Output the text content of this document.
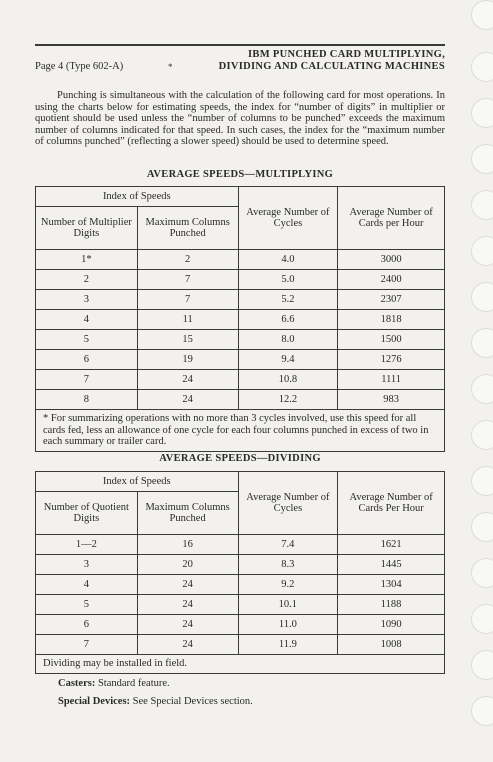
IBM PUNCHED CARD MULTIPLYING,
DIVIDING AND CALCULATING MACHINES
Page 4 (Type 602-A)	*

Punching is simultaneous with the calculation of the following card for most operations. In using the charts below for estimating speeds, the index for “number of digits” in multiplier or quotient should be used unless the “number of columns to be punched” exceeds the maximum number of columns indicated for that speed. In such cases, the index for the “maximum number of columns punched” (reflecting a slower speed) should be used to determine speed.

AVERAGE SPEEDS—MULTIPLYING
Index of Speeds		Average Number of Cycles	Average Number of Cards per Hour
Number of Multiplier Digits	Maximum Columns Punched		
1*	2	4.0	3000
2	7	5.0	2400
3	7	5.2	2307
4	11	6.6	1818
5	15	8.0	1500
6	19	9.4	1276
7	24	10.8	1111
8	24	12.2	983
* For summarizing operations with no more than 3 cycles involved, use this speed for all cards fed, less an allowance of one cycle for each four columns punched in excess of two in each summary or trailer card.			
AVERAGE SPEEDS—DIVIDING
Index of Speeds		Average Number of Cycles	Average Number of Cards Per Hour
Number of Quotient Digits	Maximum Columns Punched		
1—2	16	7.4	1621
3	20	8.3	1445
4	24	9.2	1304
5	24	10.1	1188
6	24	11.0	1090
7	24	11.9	1008
Dividing may be installed in field.			
Casters: Standard feature.
Special Devices: See Special Devices section.
